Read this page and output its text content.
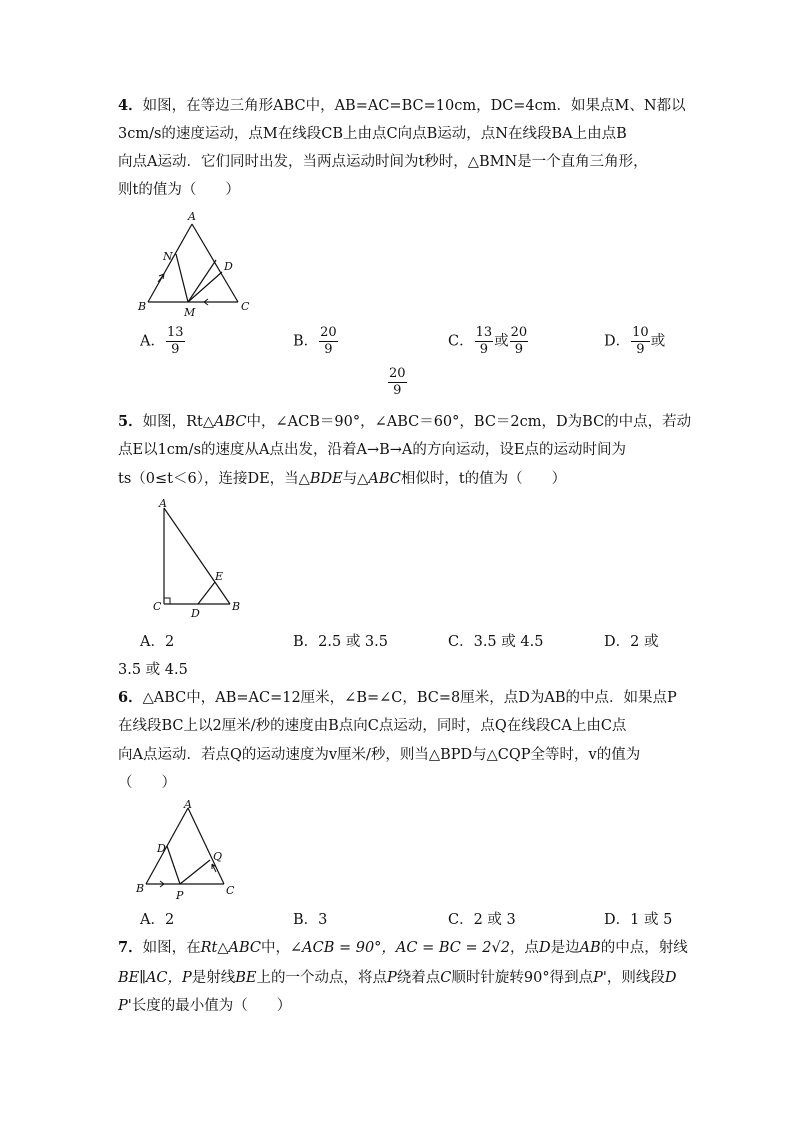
4．如图，在等边三角形ABC中，AB=AC=BC=10cm，DC=4cm．如果点M、N都以
3cm/s的速度运动，点M在线段CB上由点C向点B运动，点N在线段BA上由点B
向点A运动．它们同时出发，当两点运动时间为t秒时，△BMN是一个直角三角形，
则t的值为（　　）
A
N
D
B	M	C
A． $\frac{13}{9}$	B． $\frac{20}{9}$	C． $\frac{13}{9}$ 或 $\frac{20}{9}$	D． $\frac{10}{9}$ 或
$\frac{20}{9}$
5．如图，Rt△ABC中，∠ACB＝90°，∠ABC＝60°，BC＝2cm，D为BC的中点，若动
点E以1cm/s的速度从A点出发，沿着A→B→A的方向运动，设E点的运动时间为
ts（0≤t＜6），连接DE，当△BDE与△ABC相似时，t的值为（　　）
A
E
C
D
B
A．2	B．2.5 或 3.5	C．3.5 或 4.5	D．2 或
3.5 或 4.5
6．△ABC中，AB=AC=12厘米，∠B=∠C，BC=8厘米，点D为AB的中点．如果点P
在线段BC上以2厘米/秒的速度由B点向C点运动，同时，点Q在线段CA上由C点
向A点运动．若点Q的运动速度为v厘米/秒，则当△BPD与△CQP全等时，v的值为
（　　）
A
D
Q
B
P	C
A．2	B．3	C．2 或 3	D．1 或 5
7．如图，在Rt△ABC中，∠ACB = 90°，AC = BC = 2√2，点D是边AB的中点，射线
BE∥AC，P是射线BE上的一个动点，将点P绕着点C顺时针旋转90°得到点P'，则线段D
P'长度的最小值为（　　）
